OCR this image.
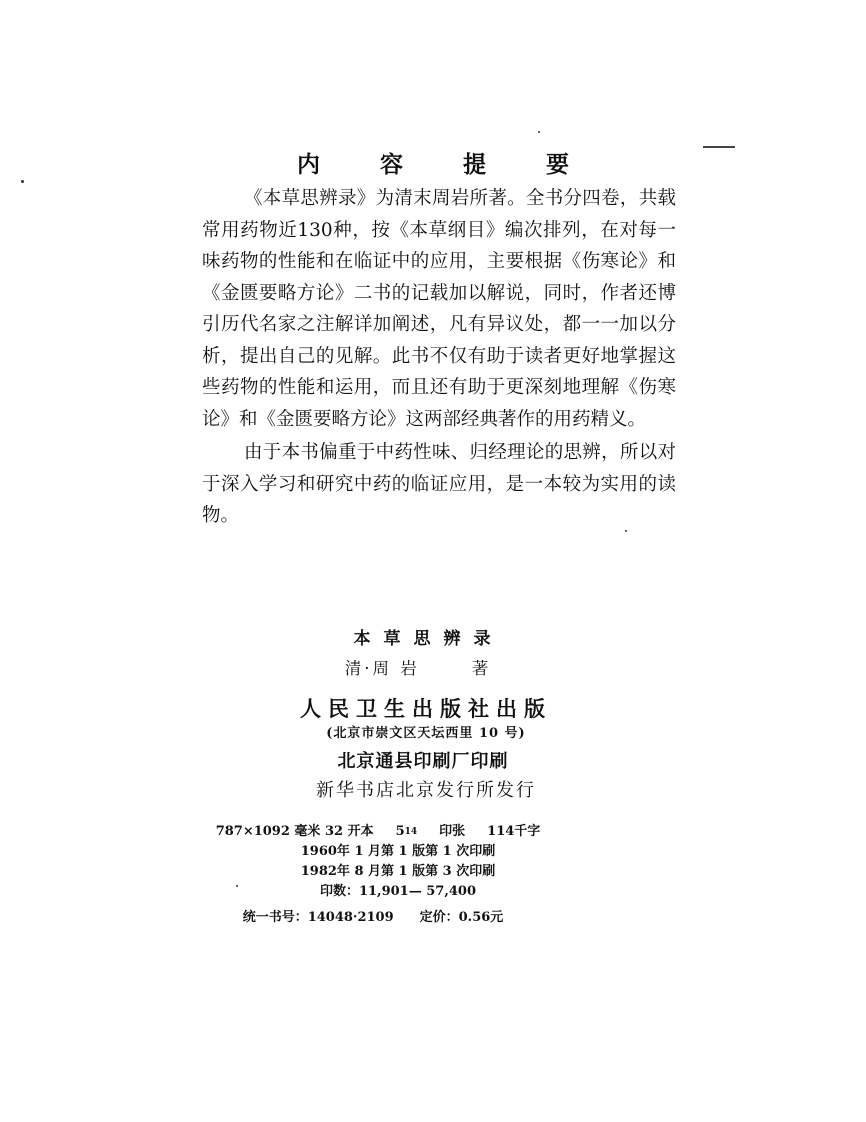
内 容 提 要

《本草思辨录》为清末周岩所著。全书分四卷，共载常用药物近130种，按《本草纲目》编次排列，在对每一味药物的性能和在临证中的应用，主要根据《伤寒论》和《金匮要略方论》二书的记载加以解说，同时，作者还博引历代名家之注解详加阐述，凡有异议处，都一一加以分析，提出自己的见解。此书不仅有助于读者更好地掌握这些药物的性能和运用，而且还有助于更深刻地理解《伤寒论》和《金匮要略方论》这两部经典著作的用药精义。

由于本书偏重于中药性味、归经理论的思辨，所以对于深入学习和研究中药的临证应用，是一本较为实用的读物。

本草思辨录
清·周 岩	著
人民卫生出版社出版
(北京市崇文区天坛西里 10 号)
北京通县印刷厂印刷
新华书店北京发行所发行
787×1092 毫米 32 开本 514 印张 114千字
1960年 1 月第 1 版第 1 次印刷
1982年 8 月第 1 版第 3 次印刷
印数：11,901— 57,400
统一书号：14048·2109 定价：0.56元
